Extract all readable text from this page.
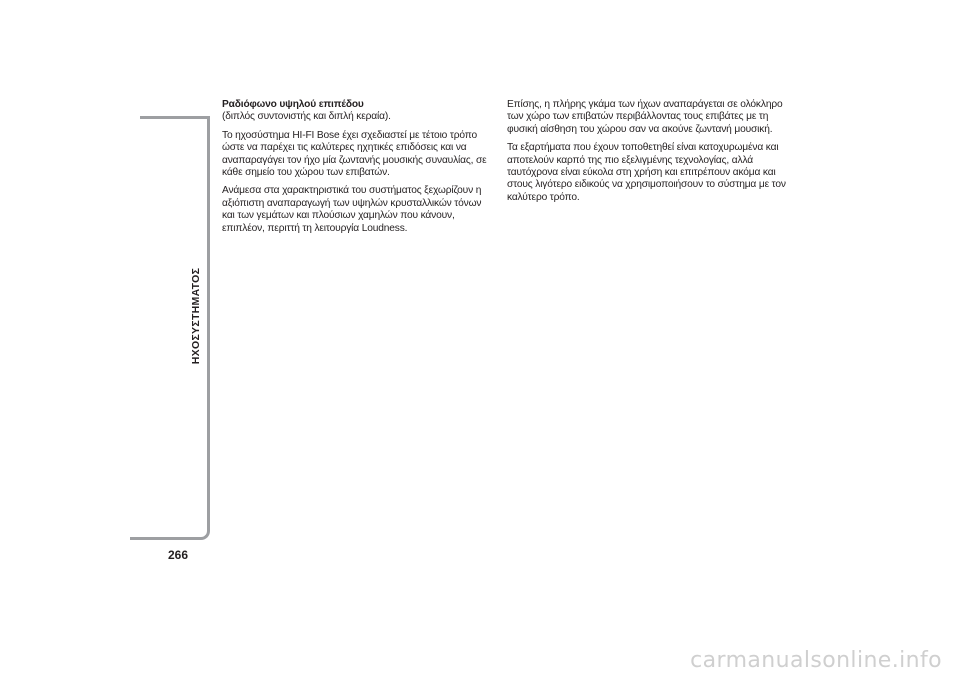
ΗΧΟΣΥΣΤΗΜΑΤΟΣ
266

Ραδιόφωνο υψηλού επιπέδου
(διπλός συντονιστής και διπλή κεραία).

Το ηχοσύστημα HI-FI Bose έχει σχεδιαστεί με τέτοιο τρόπο ώστε να παρέχει τις καλύτερες ηχητικές επιδόσεις και να αναπαραγάγει τον ήχο μία ζωντανής μουσικής συναυλίας, σε κάθε σημείο του χώρου των επιβατών.

Ανάμεσα στα χαρακτηριστικά του συστήματος ξεχωρίζουν η αξιόπιστη αναπαραγωγή των υψηλών κρυσταλλικών τόνων και των γεμάτων και πλούσιων χαμηλών που κάνουν, επιπλέον, περιττή τη λειτουργία Loudness.

Επίσης, η πλήρης γκάμα των ήχων αναπαράγεται σε ολόκληρο των χώρο των επιβατών περιβάλλοντας τους επιβάτες με τη φυσική αίσθηση του χώρου σαν να ακούνε ζωντανή μουσική.

Τα εξαρτήματα που έχουν τοποθετηθεί είναι κατοχυρωμένα και αποτελούν καρπό της πιο εξελιγμένης τεχνολογίας, αλλά ταυτόχρονα είναι εύκολα στη χρήση και επιτρέπουν ακόμα και στους λιγότερο ειδικούς να χρησιμοποιήσουν το σύστημα με τον καλύτερο τρόπο.

carmanualsonline.info
